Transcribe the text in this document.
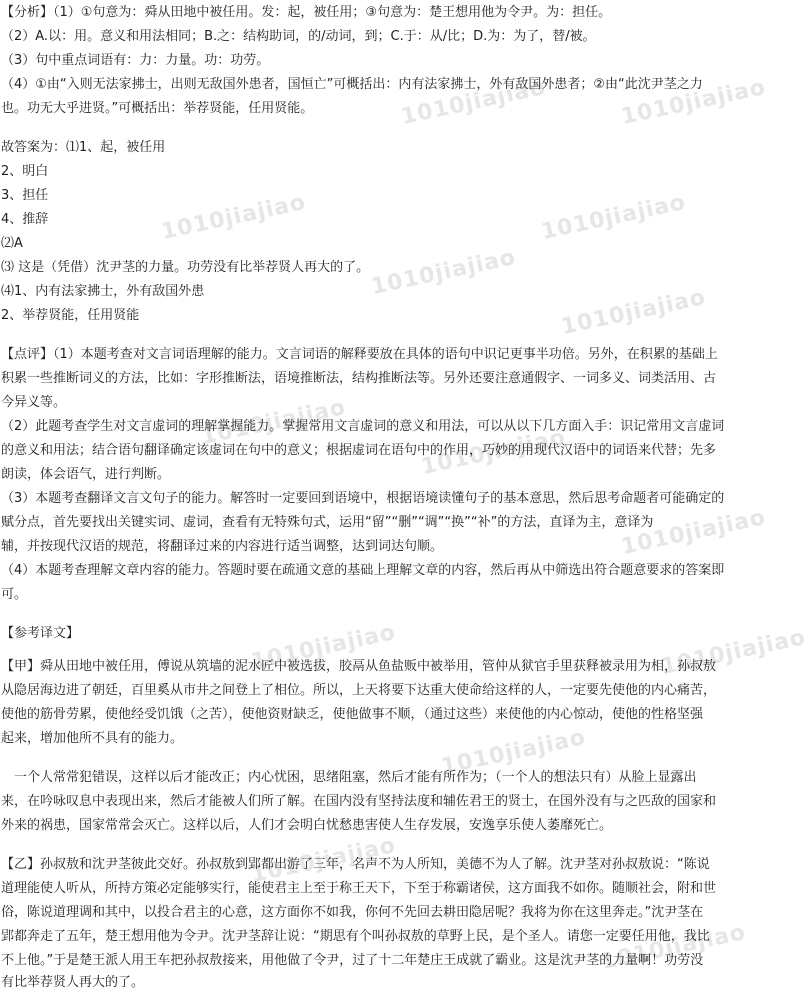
1010jiajiao	1010jiajiao
1010jiajiao	1010jiajiao
1010jiajiao
1010jiajiao
1010jiajiao
1010jiajiao
1010jiajiao
1010jiajiao	1010jiajiao
1010jiajiao
1010jiajiao
1010jiajiao
【分析】（1）①句意为：舜从田地中被任用。发：起，被任用；③句意为：楚王想用他为令尹。为：担任。
（2）A.以：用。意义和用法相同；B.之：结构助词，的/动词，到；C.于：从/比；D.为：为了，替/被。
（3）句中重点词语有：力：力量。功：功劳。
（4）①由“入则无法家拂士，出则无敌国外患者，国恒亡”可概括出：内有法家拂士，外有敌国外患者；②由“此沈尹茎之力
也。功无大乎进贤。”可概括出：举荐贤能，任用贤能。
故答案为：⑴1、起，被任用
2、明白
3、担任
4、推辞
⑵A
⑶ 这是（凭借）沈尹茎的力量。功劳没有比举荐贤人再大的了。
⑷1、内有法家拂士，外有敌国外患
2、举荐贤能，任用贤能
【点评】（1）本题考查对文言词语理解的能力。文言词语的解释要放在具体的语句中识记更事半功倍。另外，在积累的基础上
积累一些推断词义的方法，比如：字形推断法，语境推断法，结构推断法等。另外还要注意通假字、一词多义、词类活用、古
今异义等。
（2）此题考查学生对文言虚词的理解掌握能力。掌握常用文言虚词的意义和用法，可以从以下几方面入手：识记常用文言虚词
的意义和用法；结合语句翻译确定该虚词在句中的意义；根据虚词在语句中的作用，巧妙的用现代汉语中的词语来代替；先多
朗读，体会语气，进行判断。
（3）本题考查翻译文言文句子的能力。解答时一定要回到语境中，根据语境读懂句子的基本意思，然后思考命题者可能确定的
赋分点，首先要找出关键实词、虚词，查看有无特殊句式，运用“留”“删”“调”“换”“补”的方法，直译为主，意译为
辅，并按现代汉语的规范，将翻译过来的内容进行适当调整，达到词达句顺。
（4）本题考查理解文章内容的能力。答题时要在疏通文意的基础上理解文章的内容，然后再从中筛选出符合题意要求的答案即
可。
【参考译文】
【甲】舜从田地中被任用，傅说从筑墙的泥水匠中被选拔，胶鬲从鱼盐贩中被举用，管仲从狱官手里获释被录用为相，孙叔敖
从隐居海边进了朝廷，百里奚从市井之间登上了相位。所以，上天将要下达重大使命给这样的人，一定要先使他的内心痛苦，
使他的筋骨劳累，使他经受饥饿（之苦），使他资财缺乏，使他做事不顺，（通过这些）来使他的内心惊动，使他的性格坚强
起来，增加他所不具有的能力。
　一个人常常犯错误，这样以后才能改正；内心忧困，思绪阻塞，然后才能有所作为；（一个人的想法只有）从脸上显露出
来，在吟咏叹息中表现出来，然后才能被人们所了解。在国内没有坚持法度和辅佐君王的贤士，在国外没有与之匹敌的国家和
外来的祸患，国家常常会灭亡。这样以后，人们才会明白忧愁患害使人生存发展，安逸享乐使人萎靡死亡。
【乙】孙叔敖和沈尹茎彼此交好。孙叔敖到郢都出游了三年，名声不为人所知，美德不为人了解。沈尹茎对孙叔敖说：“陈说
道理能使人听从，所持方策必定能够实行，能使君主上至于称王天下，下至于称霸诸侯，这方面我不如你。随顺社会，附和世
俗，陈说道理调和其中，以投合君主的心意，这方面你不如我，你何不先回去耕田隐居呢？我将为你在这里奔走。”沈尹茎在
郢都奔走了五年，楚王想用他为令尹。沈尹茎辞让说：“期思有个叫孙叔敖的草野上民，是个圣人。请您一定要任用他，我比
不上他。”于是楚王派人用王车把孙叔敖接来，用他做了令尹，过了十二年楚庄王成就了霸业。这是沈尹茎的力量啊！功劳没
有比举荐贤人再大的了。
